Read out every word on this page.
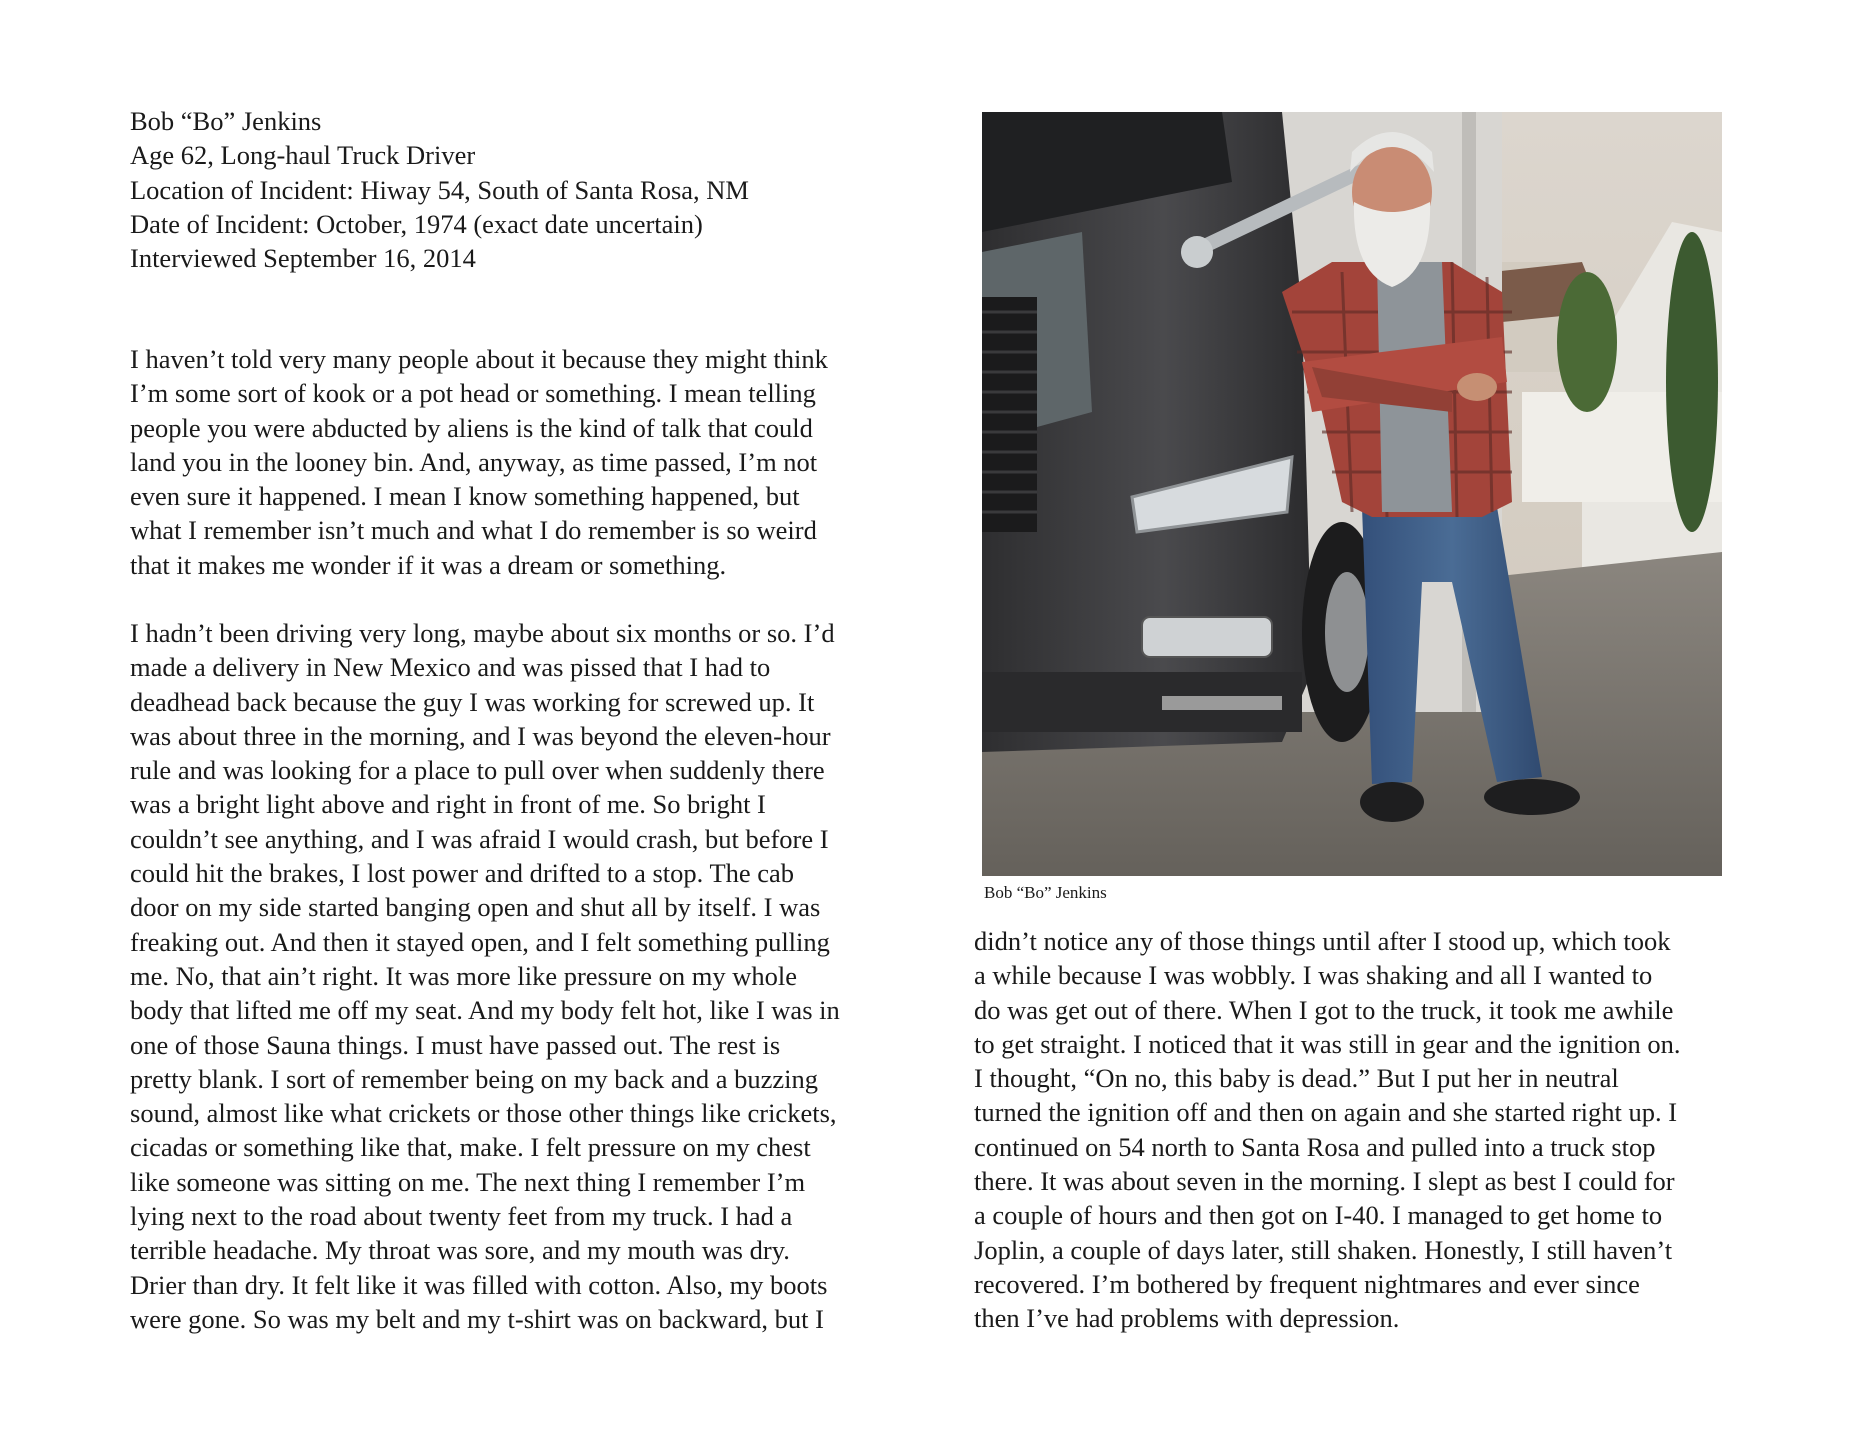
Bob “Bo” Jenkins
Age 62, Long-haul Truck Driver
Location of Incident: Hiway 54, South of Santa Rosa, NM
Date of Incident: October, 1974 (exact date uncertain)
Interviewed September 16, 2014
I haven’t told very many people about it because they might think
I’m some sort of kook or a pot head or something. I mean telling
people you were abducted by aliens is the kind of talk that could
land you in the looney bin. And, anyway, as time passed, I’m not
even sure it happened. I mean I know something happened, but
what I remember isn’t much and what I do remember is so weird
that it makes me wonder if it was a dream or something.
I hadn’t been driving very long, maybe about six months or so. I’d
made a delivery in New Mexico and was pissed that I had to
deadhead back because the guy I was working for screwed up. It
was about three in the morning, and I was beyond the eleven-hour
rule and was looking for a place to pull over when suddenly there
was a bright light above and right in front of me. So bright I
couldn’t see anything, and I was afraid I would crash, but before I
could hit the brakes, I lost power and drifted to a stop. The cab
door on my side started banging open and shut all by itself. I was
freaking out. And then it stayed open, and I felt something pulling
me. No, that ain’t right. It was more like pressure on my whole
body that lifted me off my seat. And my body felt hot, like I was in
one of those Sauna things. I must have passed out. The rest is
pretty blank. I sort of remember being on my back and a buzzing
sound, almost like what crickets or those other things like crickets,
cicadas or something like that, make. I felt pressure on my chest
like someone was sitting on me. The next thing I remember I’m
lying next to the road about twenty feet from my truck. I had a
terrible headache. My throat was sore, and my mouth was dry.
Drier than dry. It felt like it was filled with cotton. Also, my boots
were gone. So was my belt and my t-shirt was on backward, but I
Bob “Bo” Jenkins
didn’t notice any of those things until after I stood up, which took
a while because I was wobbly. I was shaking and all I wanted to
do was get out of there. When I got to the truck, it took me awhile
to get straight. I noticed that it was still in gear and the ignition on.
I thought, “On no, this baby is dead.” But I put her in neutral
turned the ignition off and then on again and she started right up. I
continued on 54 north to Santa Rosa and pulled into a truck stop
there. It was about seven in the morning. I slept as best I could for
a couple of hours and then got on I-40. I managed to get home to
Joplin, a couple of days later, still shaken. Honestly, I still haven’t
recovered. I’m bothered by frequent nightmares and ever since
then I’ve had problems with depression.
